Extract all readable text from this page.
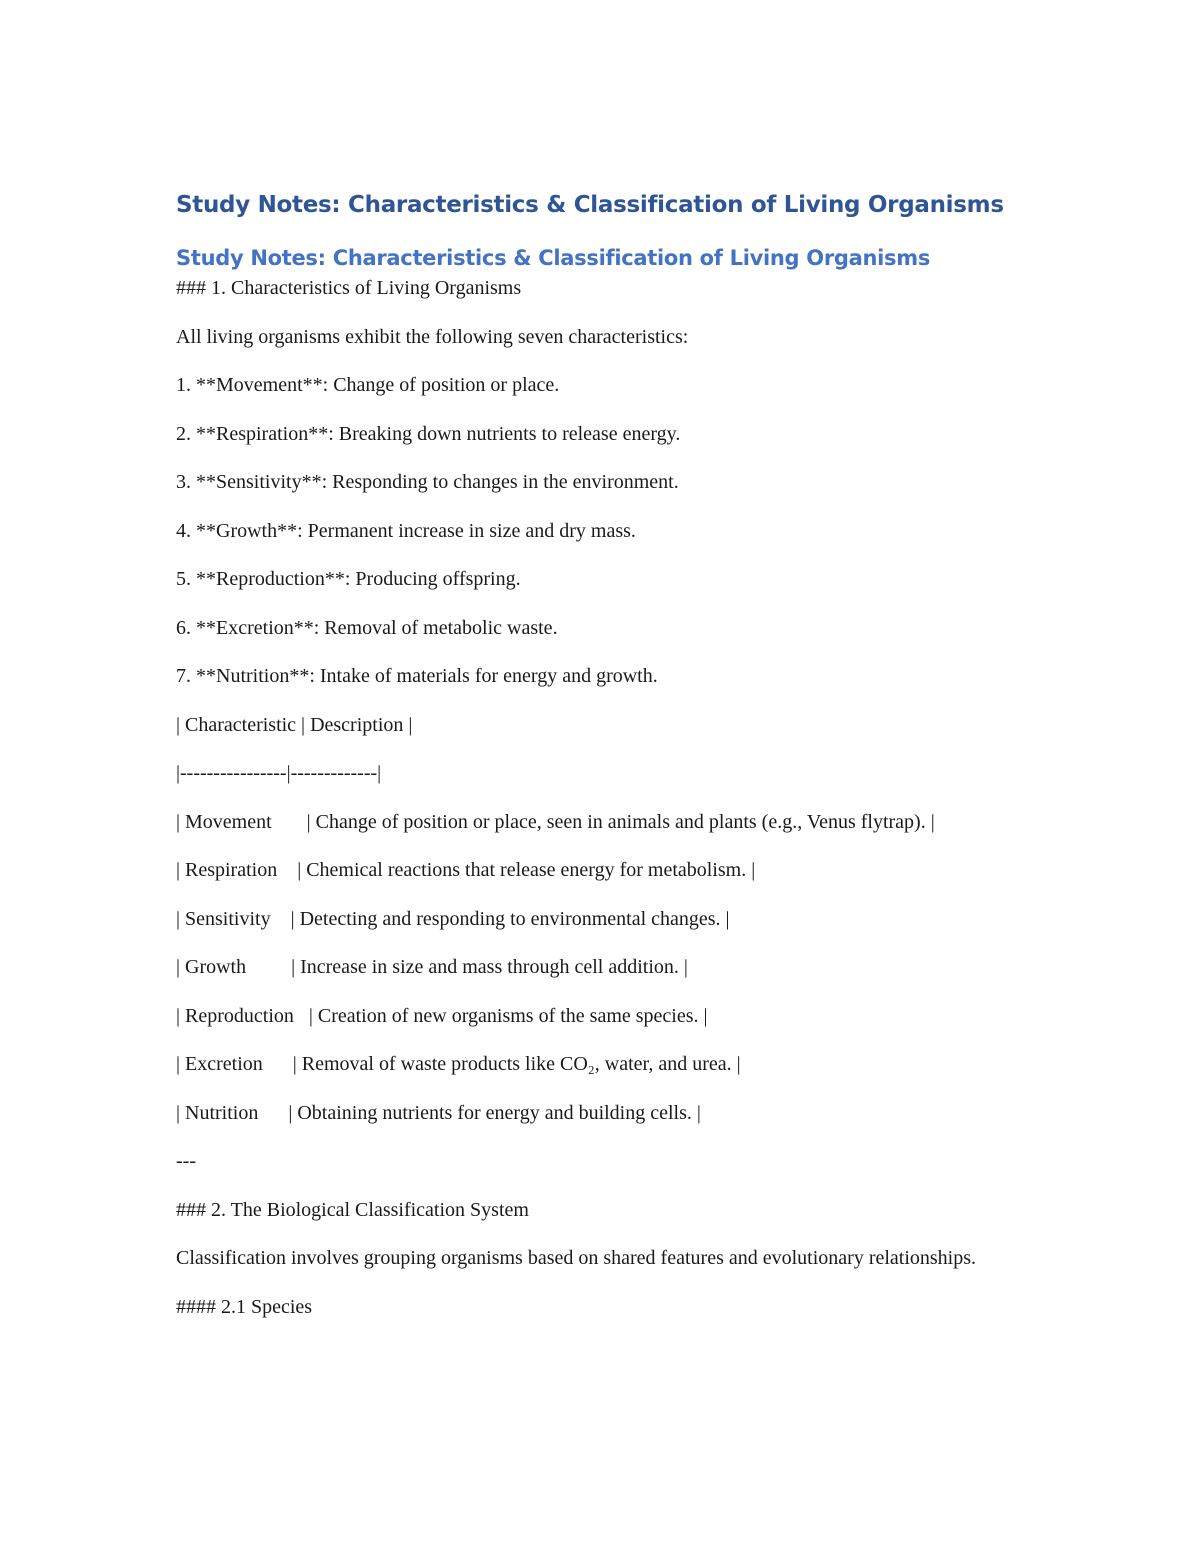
Study Notes: Characteristics & Classification of Living Organisms
Study Notes: Characteristics & Classification of Living Organisms
### 1. Characteristics of Living Organisms
All living organisms exhibit the following seven characteristics:
1. **Movement**: Change of position or place.
2. **Respiration**: Breaking down nutrients to release energy.
3. **Sensitivity**: Responding to changes in the environment.
4. **Growth**: Permanent increase in size and dry mass.
5. **Reproduction**: Producing offspring.
6. **Excretion**: Removal of metabolic waste.
7. **Nutrition**: Intake of materials for energy and growth.
| Characteristic | Description |
|----------------|-------------|
| Movement       | Change of position or place, seen in animals and plants (e.g., Venus flytrap). |
| Respiration    | Chemical reactions that release energy for metabolism. |
| Sensitivity    | Detecting and responding to environmental changes. |
| Growth         | Increase in size and mass through cell addition. |
| Reproduction   | Creation of new organisms of the same species. |
| Excretion      | Removal of waste products like CO₂, water, and urea. |
| Nutrition      | Obtaining nutrients for energy and building cells. |
---
### 2. The Biological Classification System
Classification involves grouping organisms based on shared features and evolutionary relationships.
#### 2.1 Species
